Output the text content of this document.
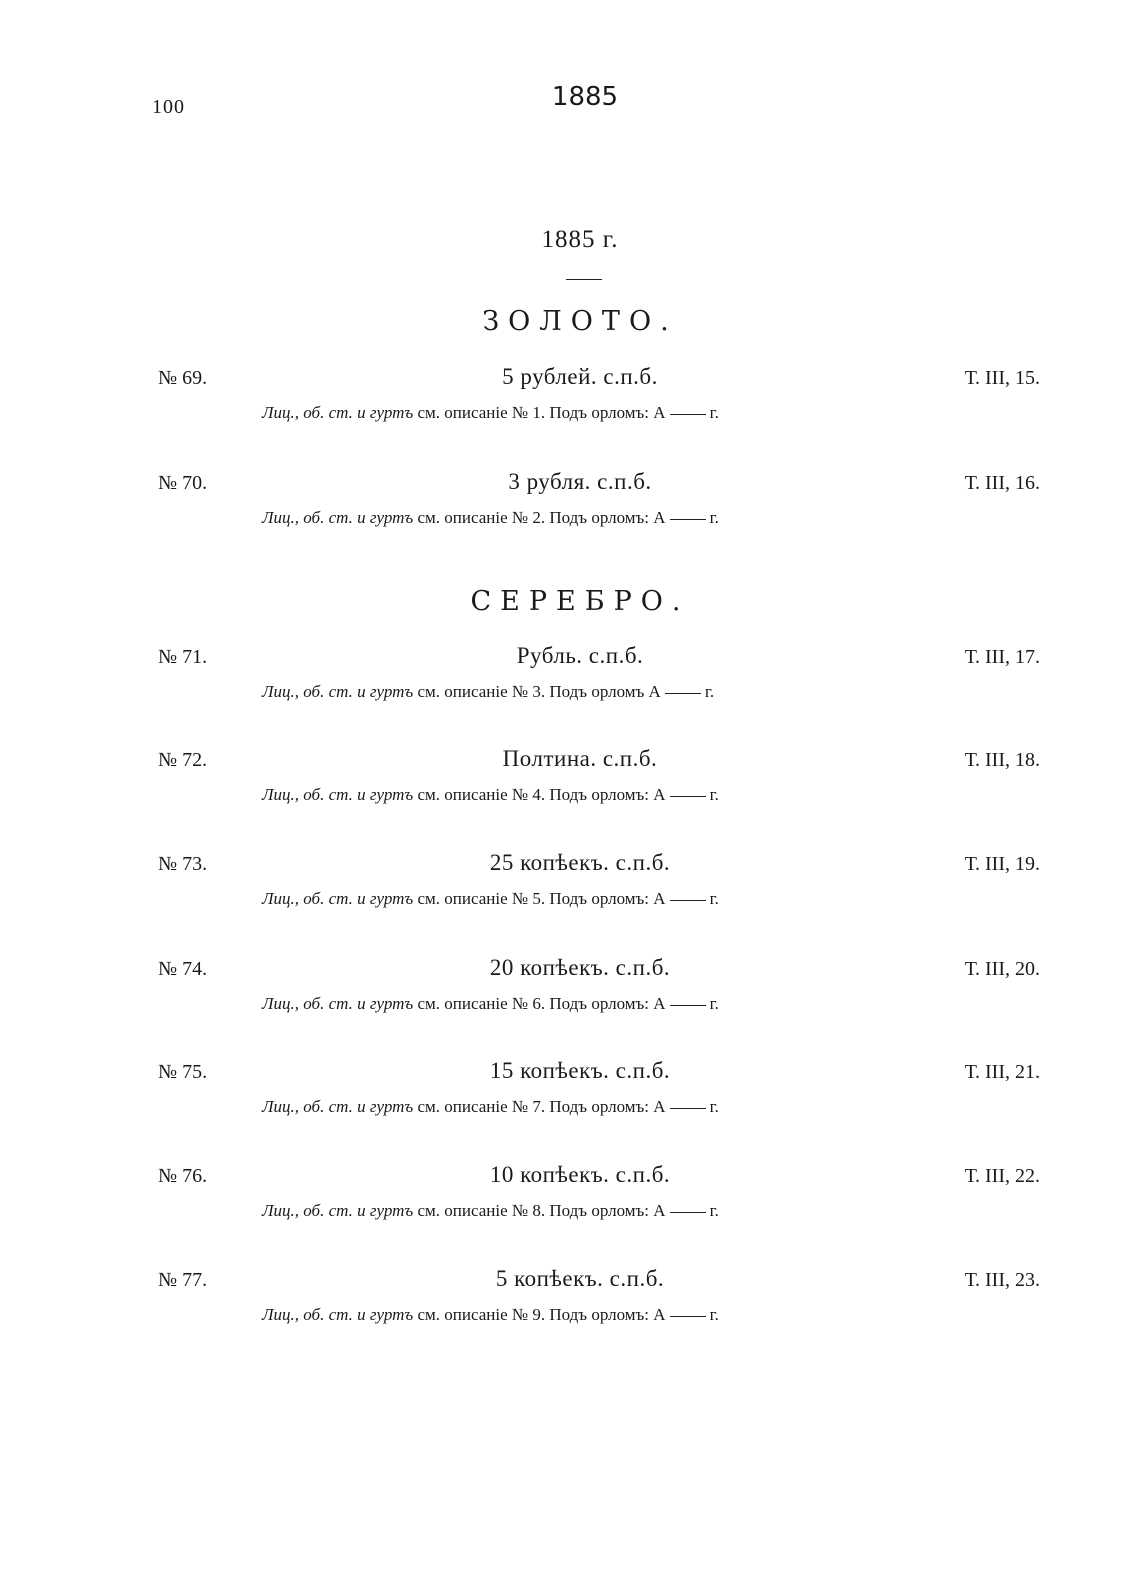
100	1885
1885 г.
ЗОЛОТО.
№ 69.	5 рублей. с.п.б.	Т. III, 15.
Лиц., об. ст. и гуртъ см. описаніе № 1. Подъ орломъ: А	г.
№ 70.	3 рубля. с.п.б.	Т. III, 16.
Лиц., об. ст. и гуртъ см. описаніе № 2. Подъ орломъ: А	г.
СЕРЕБРО.
№ 71.	Рубль. с.п.б.	Т. III, 17.
Лиц., об. ст. и гуртъ см. описаніе № 3. Подъ орломъ А	г.
№ 72.	Полтина. с.п.б.	Т. III, 18.
Лиц., об. ст. и гуртъ см. описаніе № 4. Подъ орломъ: А	г.
№ 73.	25 копѣекъ. с.п.б.	Т. III, 19.
Лиц., об. ст. и гуртъ см. описаніе № 5. Подъ орломъ: А	г.
№ 74.	20 копѣекъ. с.п.б.	Т. III, 20.
Лиц., об. ст. и гуртъ см. описаніе № 6. Подъ орломъ: А	г.
№ 75.	15 копѣекъ. с.п.б.	Т. III, 21.
Лиц., об. ст. и гуртъ см. описаніе № 7. Подъ орломъ: А	г.
№ 76.	10 копѣекъ. с.п.б.	Т. III, 22.
Лиц., об. ст. и гуртъ см. описаніе № 8. Подъ орломъ: А	г.
№ 77.	5 копѣекъ. с.п.б.	Т. III, 23.
Лиц., об. ст. и гуртъ см. описаніе № 9. Подъ орломъ: А	г.
